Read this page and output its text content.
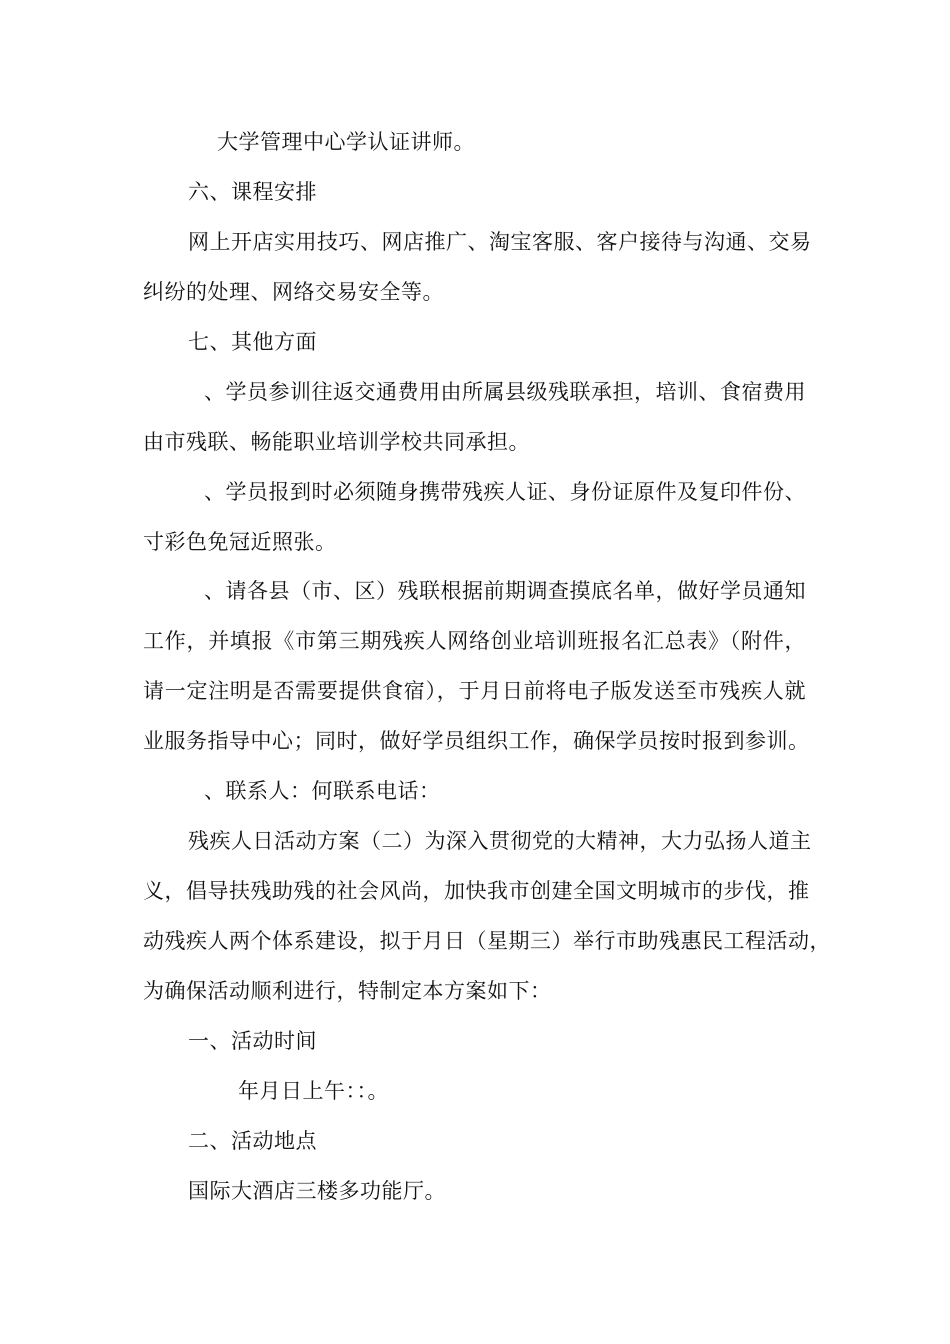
大学管理中心学认证讲师。
六、课程安排
网上开店实用技巧、网店推广、淘宝客服、客户接待与沟通、交易
纠纷的处理、网络交易安全等。
七、其他方面
、学员参训往返交通费用由所属县级残联承担，培训、食宿费用
由市残联、畅能职业培训学校共同承担。
、学员报到时必须随身携带残疾人证、身份证原件及复印件份、
寸彩色免冠近照张。
、请各县（市、区）残联根据前期调查摸底名单，做好学员通知
工作，并填报《市第三期残疾人网络创业培训班报名汇总表》（附件，
请一定注明是否需要提供食宿），于月日前将电子版发送至市残疾人就
业服务指导中心；同时，做好学员组织工作，确保学员按时报到参训。
、联系人：何联系电话：
残疾人日活动方案（二）为深入贯彻党的大精神，大力弘扬人道主
义，倡导扶残助残的社会风尚，加快我市创建全国文明城市的步伐，推
动残疾人两个体系建设，拟于月日（星期三）举行市助残惠民工程活动，
为确保活动顺利进行，特制定本方案如下：
一、活动时间
年月日上午：：。
二、活动地点
国际大酒店三楼多功能厅。
